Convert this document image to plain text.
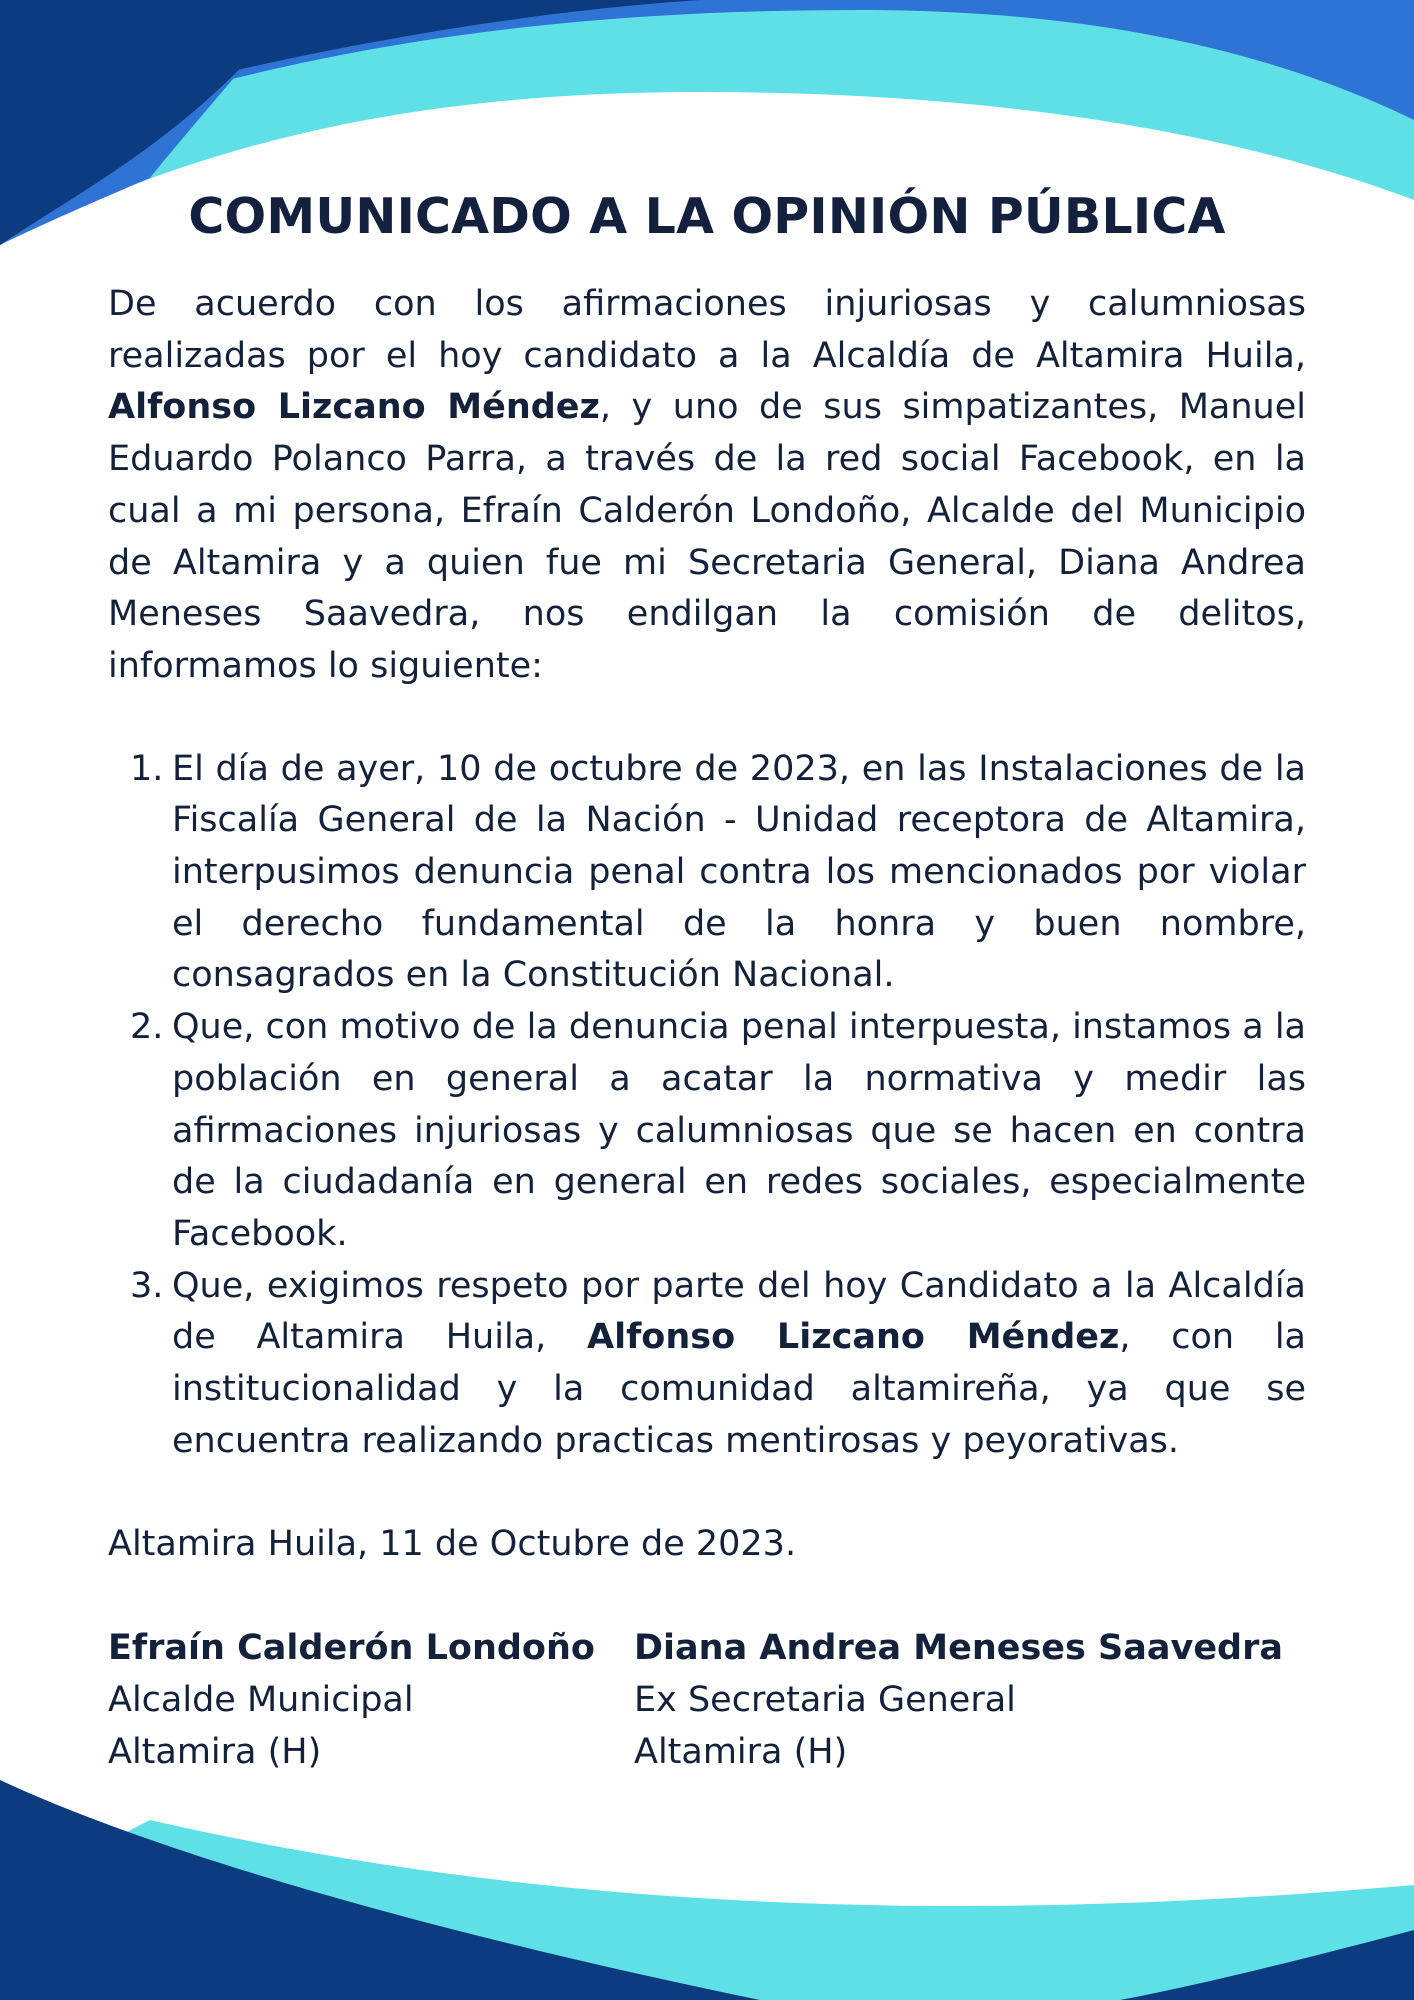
COMUNICADO A LA OPINIÓN PÚBLICA

De acuerdo con los afirmaciones injuriosas y calumniosas realizadas por el hoy candidato a la Alcaldía de Altamira Huila, Alfonso Lizcano Méndez, y uno de sus simpatizantes, Manuel Eduardo Polanco Parra, a través de la red social Facebook, en la cual a mi persona, Efraín Calderón Londoño, Alcalde del Municipio de Altamira y a quien fue mi Secretaria General, Diana Andrea Meneses Saavedra, nos endilgan la comisión de delitos, informamos lo siguiente:

1. El día de ayer, 10 de octubre de 2023, en las Instalaciones de la Fiscalía General de la Nación - Unidad receptora de Altamira, interpusimos denuncia penal contra los mencionados por violar el derecho fundamental de la honra y buen nombre, consagrados en la Constitución Nacional.
2. Que, con motivo de la denuncia penal interpuesta, instamos a la población en general a acatar la normativa y medir las afirmaciones injuriosas y calumniosas que se hacen en contra de la ciudadanía en general en redes sociales, especialmente Facebook.
3. Que, exigimos respeto por parte del hoy Candidato a la Alcaldía de Altamira Huila, Alfonso Lizcano Méndez, con la institucionalidad y la comunidad altamireña, ya que se encuentra realizando practicas mentirosas y peyorativas.

Altamira Huila, 11 de Octubre de 2023.

Efraín Calderón Londoño
Alcalde Municipal
Altamira (H)
Diana Andrea Meneses Saavedra
Ex Secretaria General
Altamira (H)
